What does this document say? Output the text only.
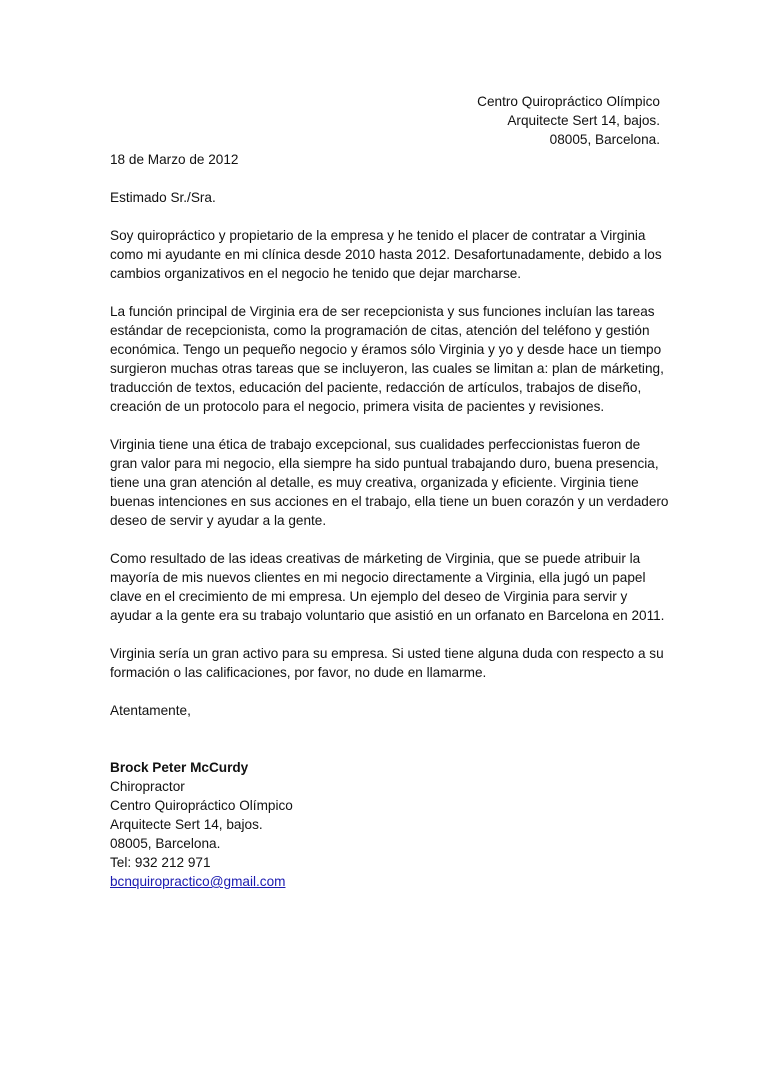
Centro Quiropráctico Olímpico
Arquitecte Sert 14, bajos.
08005, Barcelona.

18 de Marzo de 2012

Estimado Sr./Sra.

Soy quiropráctico y propietario de la empresa y he tenido el placer de contratar a Virginia como mi ayudante en mi clínica desde 2010 hasta 2012. Desafortunadamente, debido a los cambios organizativos en el negocio he tenido que dejar marcharse.

La función principal de Virginia era de ser recepcionista y sus funciones incluían las tareas estándar de recepcionista, como la programación de citas, atención del teléfono y gestión económica. Tengo un pequeño negocio y éramos sólo Virginia y yo y desde hace un tiempo surgieron muchas otras tareas que se incluyeron, las cuales se limitan a: plan de márketing, traducción de textos, educación del paciente, redacción de artículos, trabajos de diseño, creación de un protocolo para el negocio, primera visita de pacientes y revisiones.

Virginia tiene una ética de trabajo excepcional, sus cualidades perfeccionistas fueron de gran valor para mi negocio, ella siempre ha sido puntual trabajando duro, buena presencia, tiene una gran atención al detalle, es muy creativa, organizada y eficiente. Virginia tiene buenas intenciones en sus acciones en el trabajo, ella tiene un buen corazón y un verdadero deseo de servir y ayudar a la gente.

Como resultado de las ideas creativas de márketing de Virginia, que se puede atribuir la mayoría de mis nuevos clientes en mi negocio directamente a Virginia, ella jugó un papel clave en el crecimiento de mi empresa. Un ejemplo del deseo de Virginia para servir y ayudar a la gente era su trabajo voluntario que asistió en un orfanato en Barcelona en 2011.

Virginia sería un gran activo para su empresa. Si usted tiene alguna duda con respecto a su formación o las calificaciones, por favor, no dude en llamarme.

Atentamente,

Brock Peter McCurdy
Chiropractor
Centro Quiropráctico Olímpico
Arquitecte Sert 14, bajos.
08005, Barcelona.
Tel: 932 212 971
bcnquiropractico@gmail.com
